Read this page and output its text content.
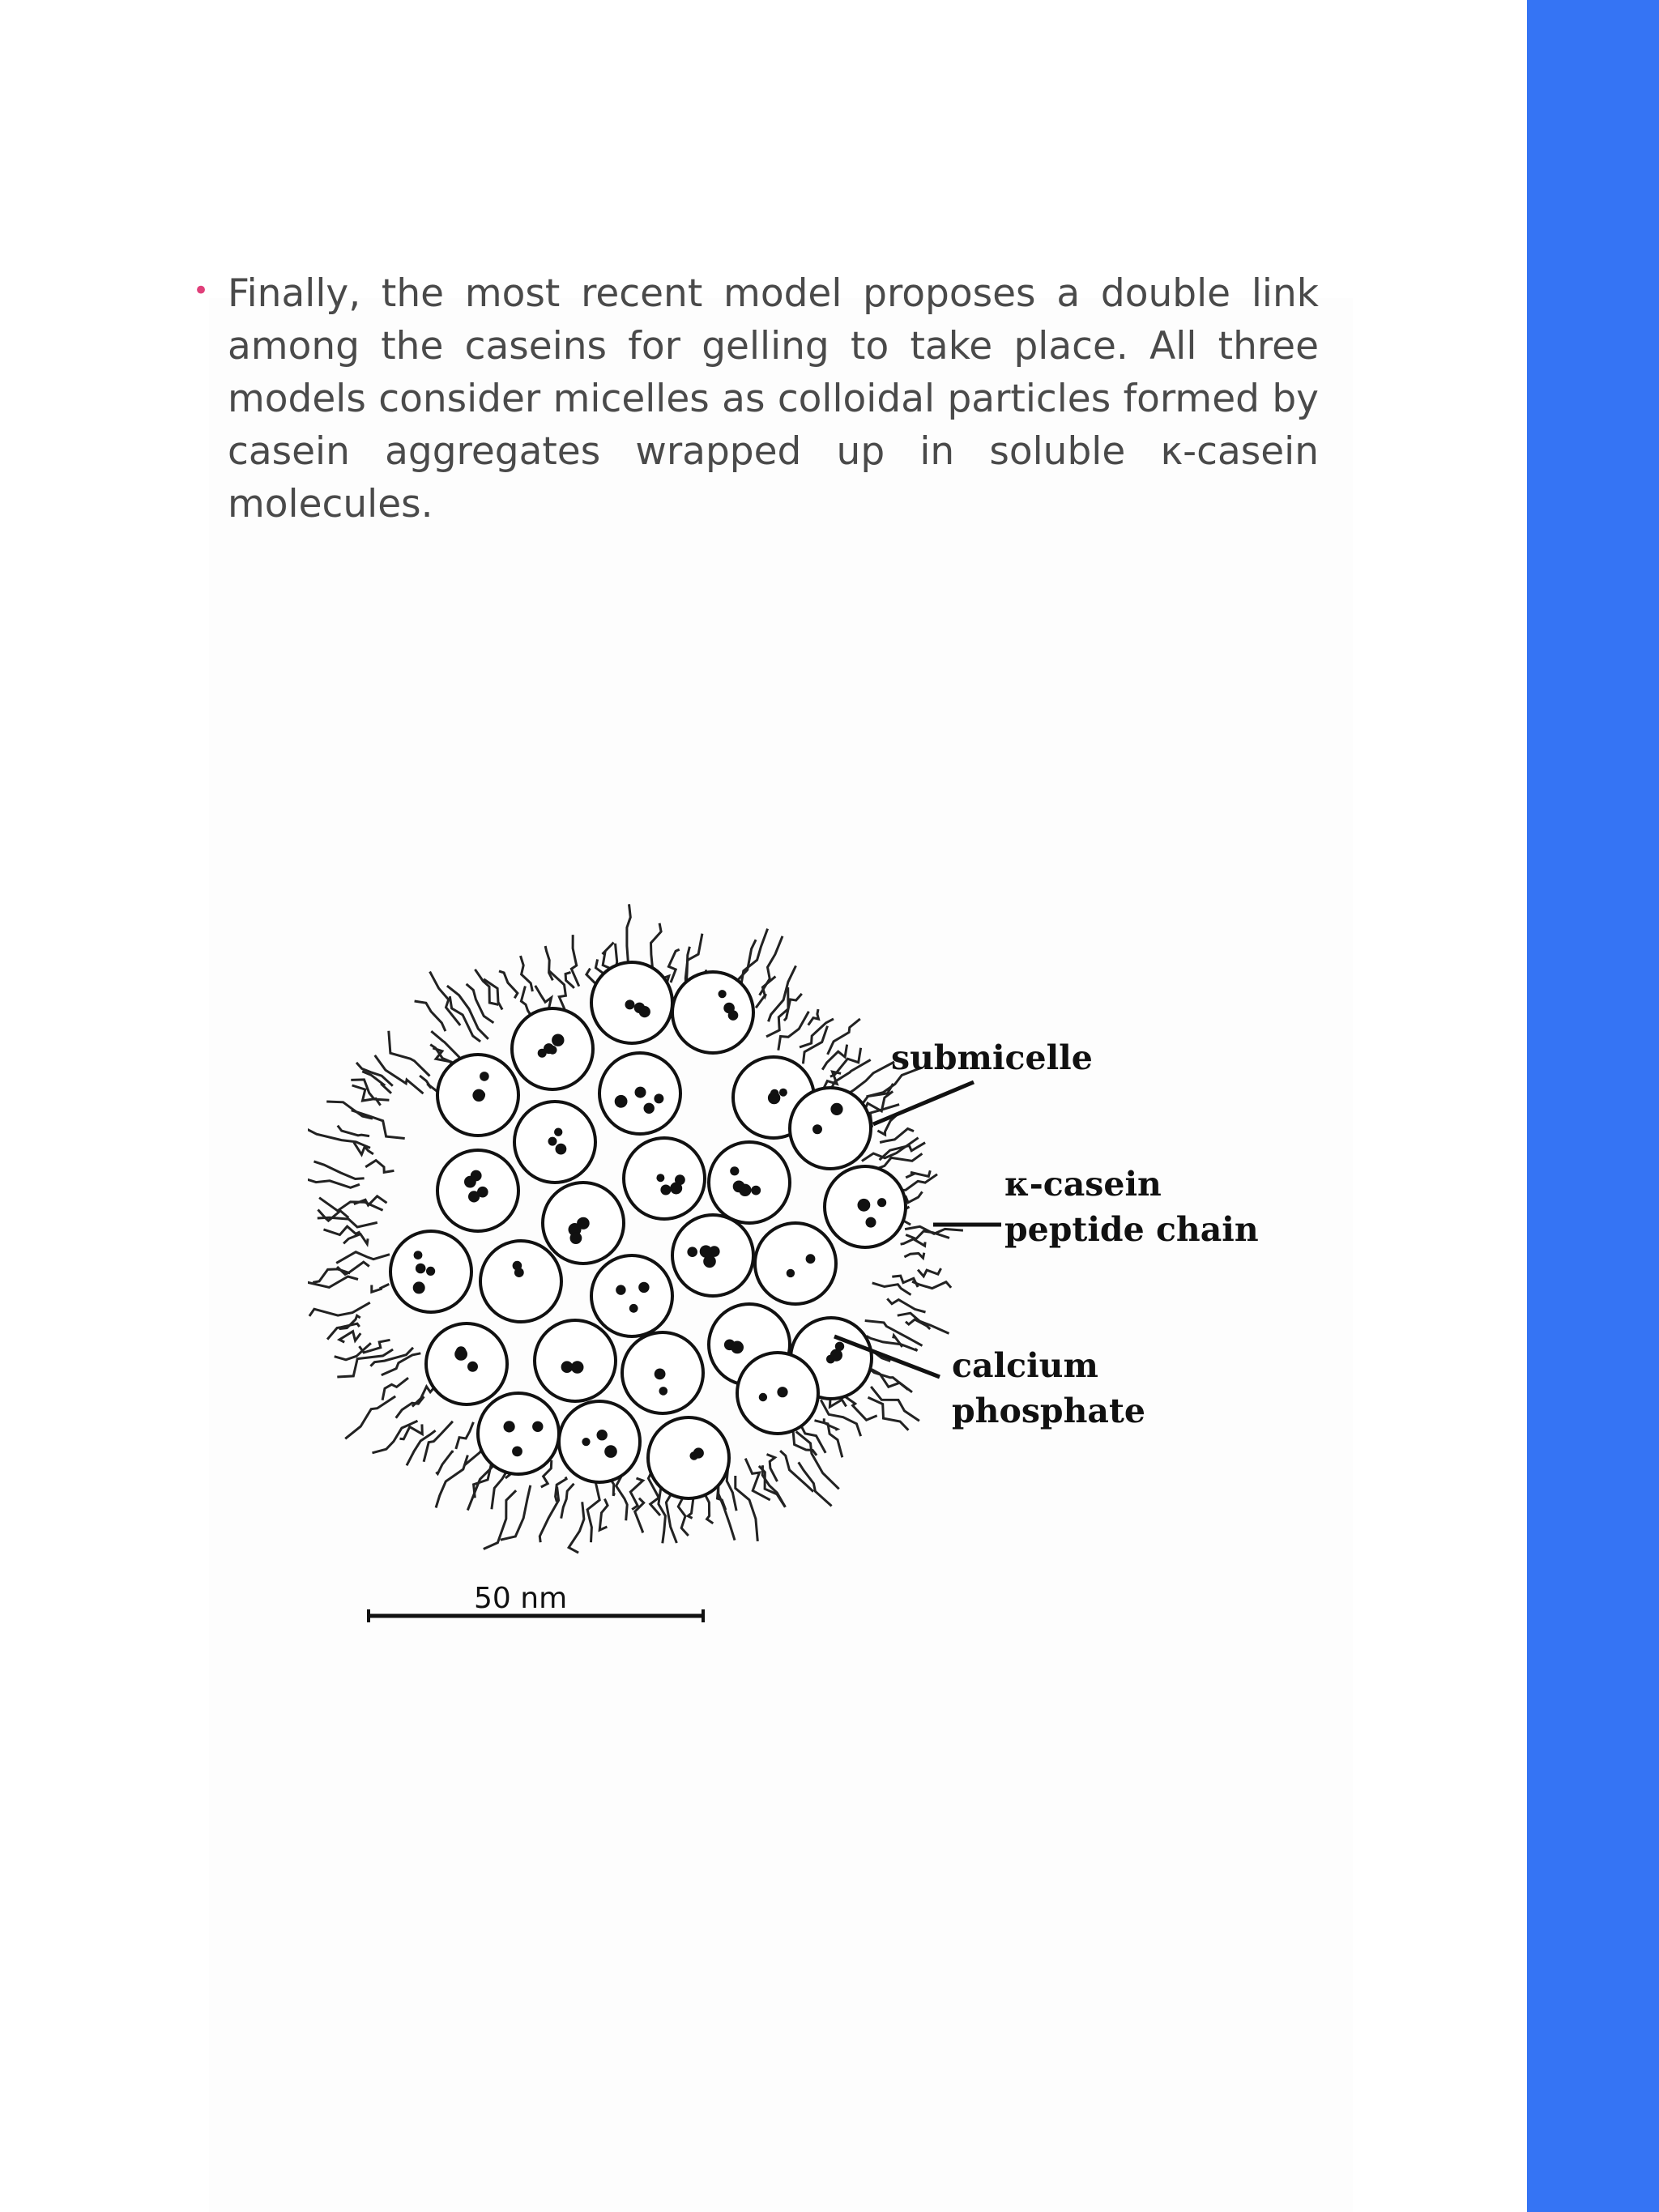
• Finally, the most recent model proposes a double link among the caseins for gelling to take place. All three models consider micelles as colloidal particles formed by casein aggregates wrapped up in soluble κ-casein molecules.

submicelle
κ-casein
peptide chain
calcium
phosphate
50 nm
